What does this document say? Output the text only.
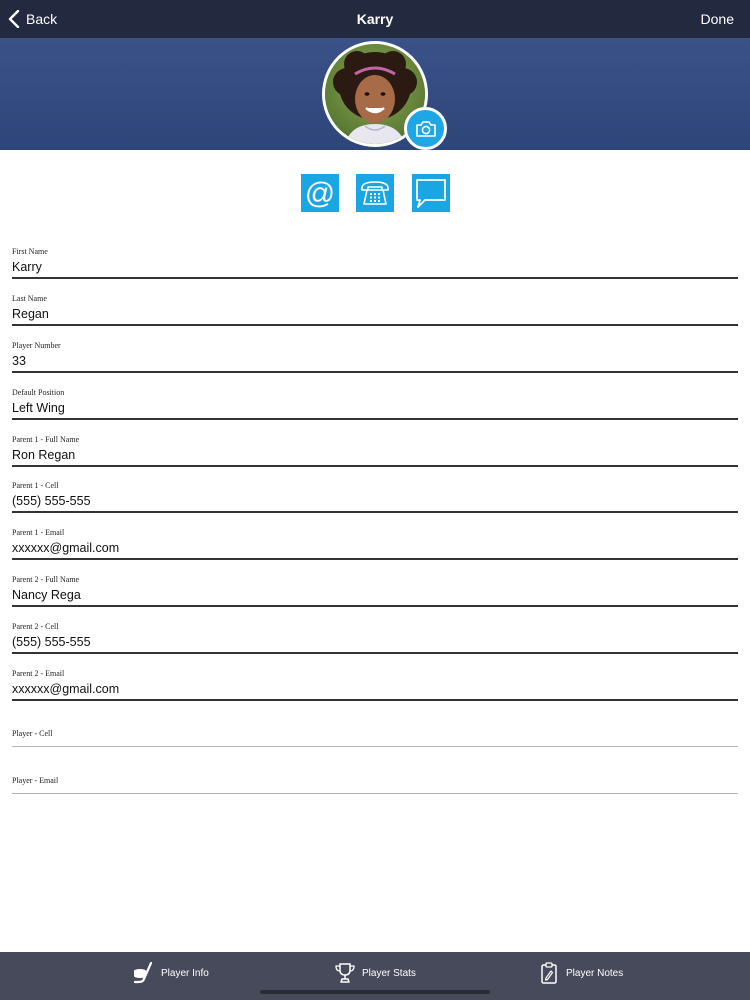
Back	Karry	Done
@
First Name
Karry
Last Name
Regan
Player Number
33
Default Position
Left Wing
Parent 1 - Full Name
Ron Regan
Parent 1 - Cell
(555) 555-555
Parent 1 - Email
xxxxxx@gmail.com
Parent 2 - Full Name
Nancy Rega
Parent 2 - Cell
(555) 555-555
Parent 2 - Email
xxxxxx@gmail.com
Player - Cell
Player - Email
Player Info	Player Stats	Player Notes
